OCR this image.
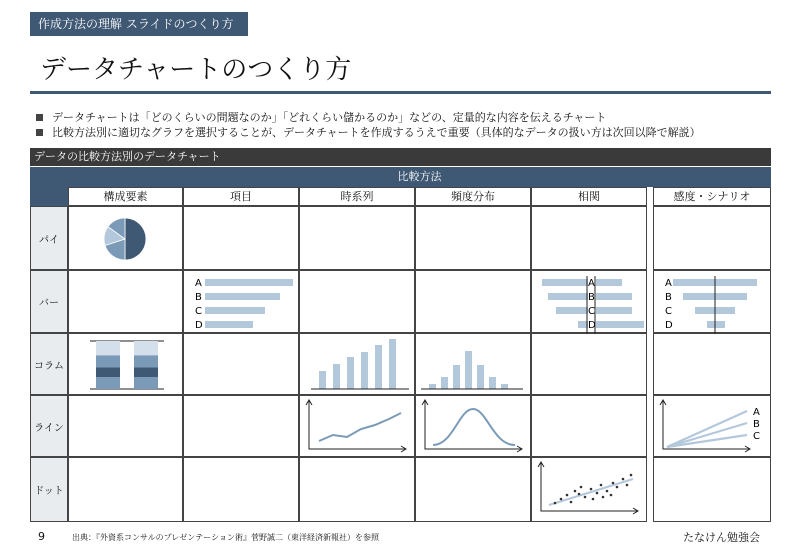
作成方法の理解 スライドのつくり方
データチャートのつくり方
データチャートは「どのくらいの問題なのか」「どれくらい儲かるのか」などの、定量的な内容を伝えるチャート
比較方法別に適切なグラフを選択することが、データチャートを作成するうえで重要（具体的なデータの扱い方は次回以降で解説）
データの比較方法別のデータチャート
比較方法
構成要素	項目	時系列	頻度分布	相関	感度・シナリオ
パイ
バー
コラム
ライン
ドット
A
B
C
D
A
B
C
D
A
B
C
D
A
B
C
9	出典：『外資系コンサルのプレゼンテーション術』菅野誠二（東洋経済新報社）を参照	たなけん勉強会
